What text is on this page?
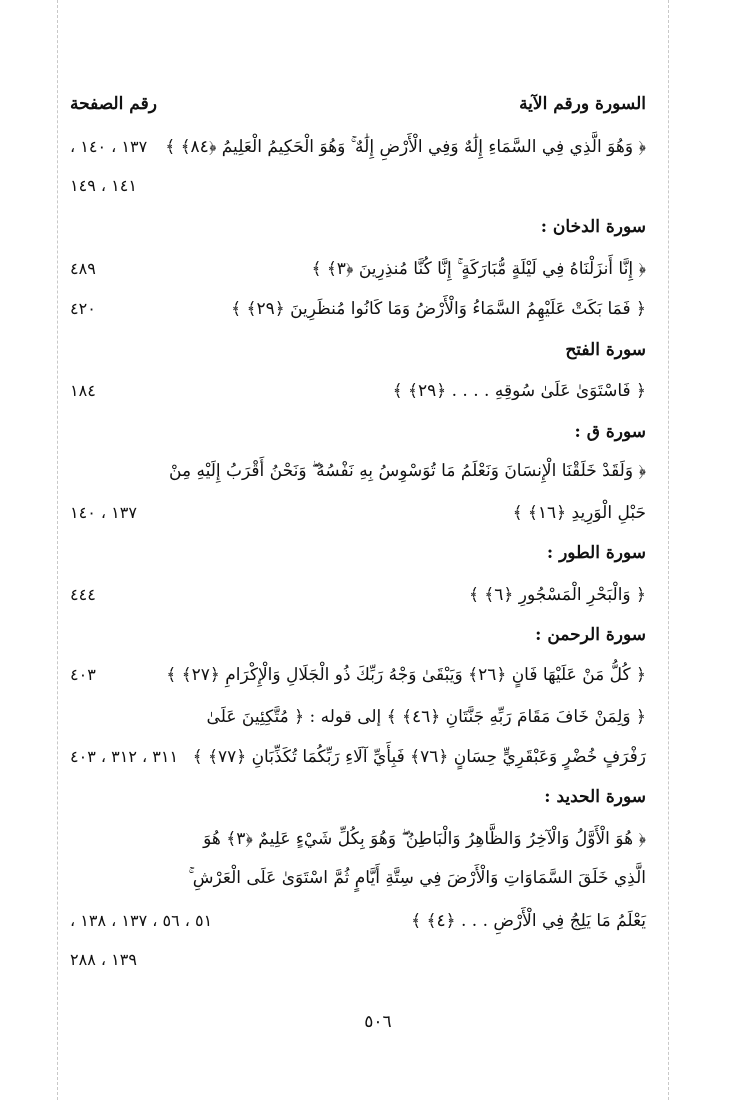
السورة ورقم الآية
رقم الصفحة
﴿ وَهُوَ الَّذِي فِي السَّمَاءِ إِلَٰهٌ وَفِي الْأَرْضِ إِلَٰهٌ ۚ وَهُوَ الْحَكِيمُ الْعَلِيمُ ﴿٨٤﴾ ﴾
١٣٧ ، ١٤٠ ،
١٤١ ، ١٤٩
سورة الدخان :
﴿ إِنَّا أَنزَلْنَاهُ فِي لَيْلَةٍ مُّبَارَكَةٍ ۚ إِنَّا كُنَّا مُنذِرِينَ ﴿٣﴾ ﴾
٤٨٩
﴿ فَمَا بَكَتْ عَلَيْهِمُ السَّمَاءُ وَالْأَرْضُ وَمَا كَانُوا مُنظَرِينَ ﴿٢٩﴾ ﴾
٤٢٠
سورة الفتح
﴿ فَاسْتَوَىٰ عَلَىٰ سُوقِهِ . . . . ﴿٢٩﴾ ﴾
١٨٤
سورة ق :
﴿ وَلَقَدْ خَلَقْنَا الْإِنسَانَ وَنَعْلَمُ مَا تُوَسْوِسُ بِهِ نَفْسُهُ ۖ وَنَحْنُ أَقْرَبُ إِلَيْهِ مِنْ
حَبْلِ الْوَرِيدِ ﴿١٦﴾ ﴾
١٣٧ ، ١٤٠
سورة الطور :
﴿ وَالْبَحْرِ الْمَسْجُورِ ﴿٦﴾ ﴾
٤٤٤
سورة الرحمن :
﴿ كُلُّ مَنْ عَلَيْهَا فَانٍ ﴿٢٦﴾ وَيَبْقَىٰ وَجْهُ رَبِّكَ ذُو الْجَلَالِ وَالْإِكْرَامِ ﴿٢٧﴾ ﴾
٤٠٣
﴿ وَلِمَنْ خَافَ مَقَامَ رَبِّهِ جَنَّتَانِ ﴿٤٦﴾ ﴾ إلى قوله : ﴿ مُتَّكِئِينَ عَلَىٰ
رَفْرَفٍ خُضْرٍ وَعَبْقَرِيٍّ حِسَانٍ ﴿٧٦﴾ فَبِأَيِّ آلَاءِ رَبِّكُمَا تُكَذِّبَانِ ﴿٧٧﴾ ﴾
٣١١ ، ٣١٢ ، ٤٠٣
سورة الحديد :
﴿ هُوَ الْأَوَّلُ وَالْآخِرُ وَالظَّاهِرُ وَالْبَاطِنُ ۖ وَهُوَ بِكُلِّ شَيْءٍ عَلِيمٌ ﴿٣﴾ هُوَ
الَّذِي خَلَقَ السَّمَاوَاتِ وَالْأَرْضَ فِي سِتَّةِ أَيَّامٍ ثُمَّ اسْتَوَىٰ عَلَى الْعَرْشِ ۚ
يَعْلَمُ مَا يَلِجُ فِي الْأَرْضِ . . . ﴿٤﴾ ﴾
٥١ ، ٥٦ ، ١٣٧ ، ١٣٨ ،
١٣٩ ، ٢٨٨
٥٠٦
